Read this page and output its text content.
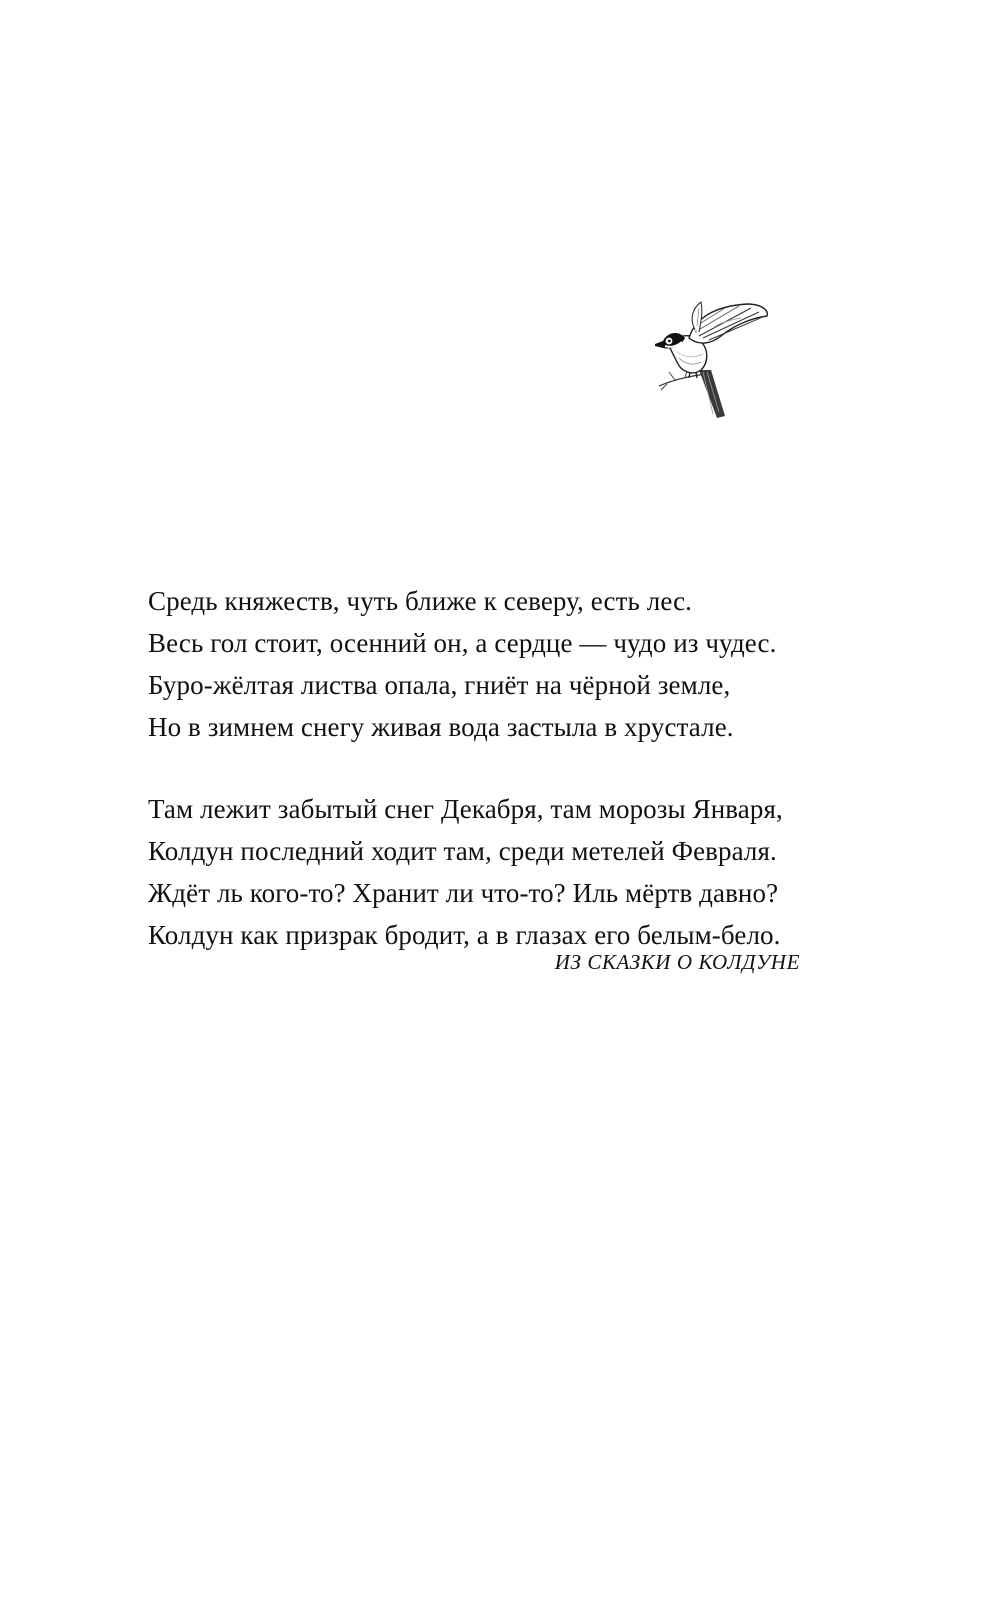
Средь княжеств, чуть ближе к северу, есть лес.
Весь гол стоит, осенний он, а сердце — чудо из чудес.
Буро-жёлтая листва опала, гниёт на чёрной земле,
Но в зимнем снегу живая вода застыла в хрустале.
Там лежит забытый снег Декабря, там морозы Января,
Колдун последний ходит там, среди метелей Февраля.
Ждёт ль кого-то? Хранит ли что-то? Иль мёртв давно?
Колдун как призрак бродит, а в глазах его белым-бело.
ИЗ СКАЗКИ О КОЛДУНЕ
